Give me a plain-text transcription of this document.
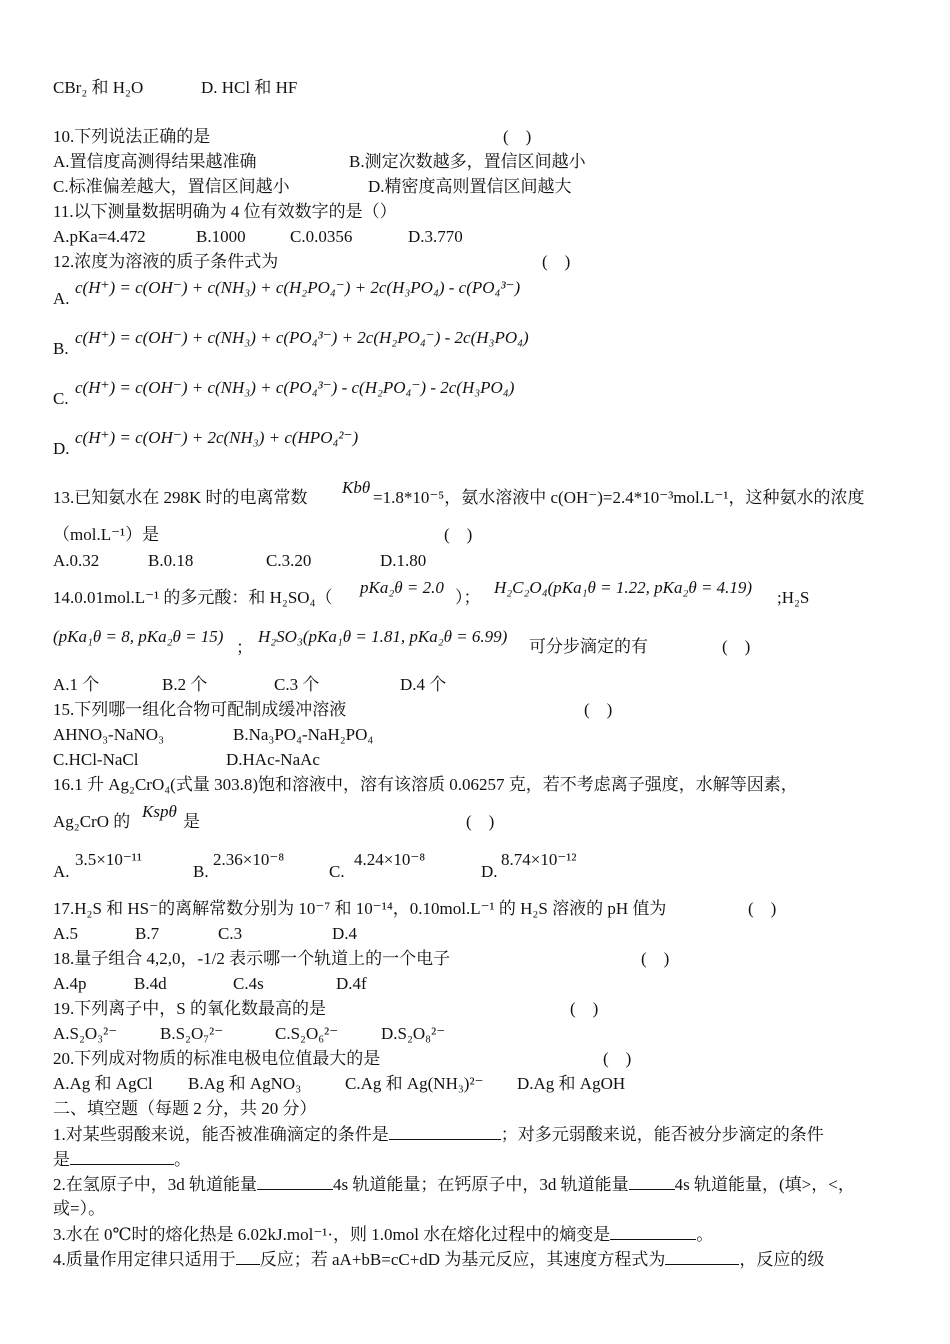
CBr₂ 和 H₂O	D. HCl 和 HF
10.下列说法正确的是	(　)
A.置信度高测得结果越准确	B.测定次数越多，置信区间越小
C.标准偏差越大，置信区间越小	D.精密度高则置信区间越大
11.以下测量数据明确为 4 位有效数字的是（）
A.pKa=4.472	B.1000	C.0.0356	D.3.770
12.浓度为溶液的质子条件式为	(　)
A.
c(H⁺) = c(OH⁻) + c(NH₃) + c(H₂PO₄⁻) + 2c(H₃PO₄) - c(PO₄³⁻)
B.
c(H⁺) = c(OH⁻) + c(NH₃) + c(PO₄³⁻) + 2c(H₂PO₄⁻) - 2c(H₃PO₄)
C.
c(H⁺) = c(OH⁻) + c(NH₃) + c(PO₄³⁻) - c(H₂PO₄⁻) - 2c(H₃PO₄)
D.
c(H⁺) = c(OH⁻) + 2c(NH₃) + c(HPO₄²⁻)
13.已知氨水在 298K 时的电离常数
Kbθ
=1.8*10⁻⁵，氨水溶液中 c(OH⁻)=2.4*10⁻³mol.L⁻¹，这种氨水的浓度
（mol.L⁻¹）是	(　)
A.0.32	B.0.18	C.3.20	D.1.80
14.0.01mol.L⁻¹ 的多元酸：和 H₂SO₄（
pKa₂θ = 2.0
）；
H₂C₂O₄(pKa₁θ = 1.22, pKa₂θ = 4.19)
;H₂S
(pKa₁θ = 8, pKa₂θ = 15)
；
H₂SO₃(pKa₁θ = 1.81, pKa₂θ = 6.99)
可分步滴定的有	(　)
A.1 个	B.2 个	C.3 个	D.4 个
15.下列哪一组化合物可配制成缓冲溶液	(　)
AHNO₃-NaNO₃	B.Na₃PO₄-NaH₂PO₄
C.HCl-NaCl	D.HAc-NaAc
16.1 升 Ag₂CrO₄(式量 303.8)饱和溶液中，溶有该溶质 0.06257 克，若不考虑离子强度，水解等因素，
Ag₂CrO 的
Kspθ
是	(　)
A.
3.5×10⁻¹¹
B.
2.36×10⁻⁸
C.
4.24×10⁻⁸
D.
8.74×10⁻¹²
17.H₂S 和 HS⁻的离解常数分别为 10⁻⁷ 和 10⁻¹⁴，0.10mol.L⁻¹ 的 H₂S 溶液的 pH 值为	(　)
A.5	B.7	C.3	D.4
18.量子组合 4,2,0，-1/2 表示哪一个轨道上的一个电子	(　)
A.4p	B.4d	C.4s	D.4f
19.下列离子中，S 的氧化数最高的是	(　)
A.S₂O₃²⁻	B.S₂O₇²⁻	C.S₂O₆²⁻	D.S₂O₈²⁻
20.下列成对物质的标准电极电位值最大的是	(　)
A.Ag 和 AgCl B.Ag 和 AgNO₃	C.Ag 和 Ag(NH₃)²⁻ D.Ag 和 AgOH
二、填空题（每题 2 分，共 20 分）
1.对某些弱酸来说，能否被准确滴定的条件是	；对多元弱酸来说，能否被分步滴定的条件
是	。
2.在氢原子中，3d 轨道能量	4s 轨道能量；在钙原子中，3d 轨道能量	4s 轨道能量，(填>，<，
或=）。
3.水在 0℃时的熔化热是 6.02kJ.mol⁻¹·，则 1.0mol 水在熔化过程中的熵变是	。
4.质量作用定律只适用于 反应；若 aA+bB=cC+dD 为基元反应，其速度方程式为	，反应的级
